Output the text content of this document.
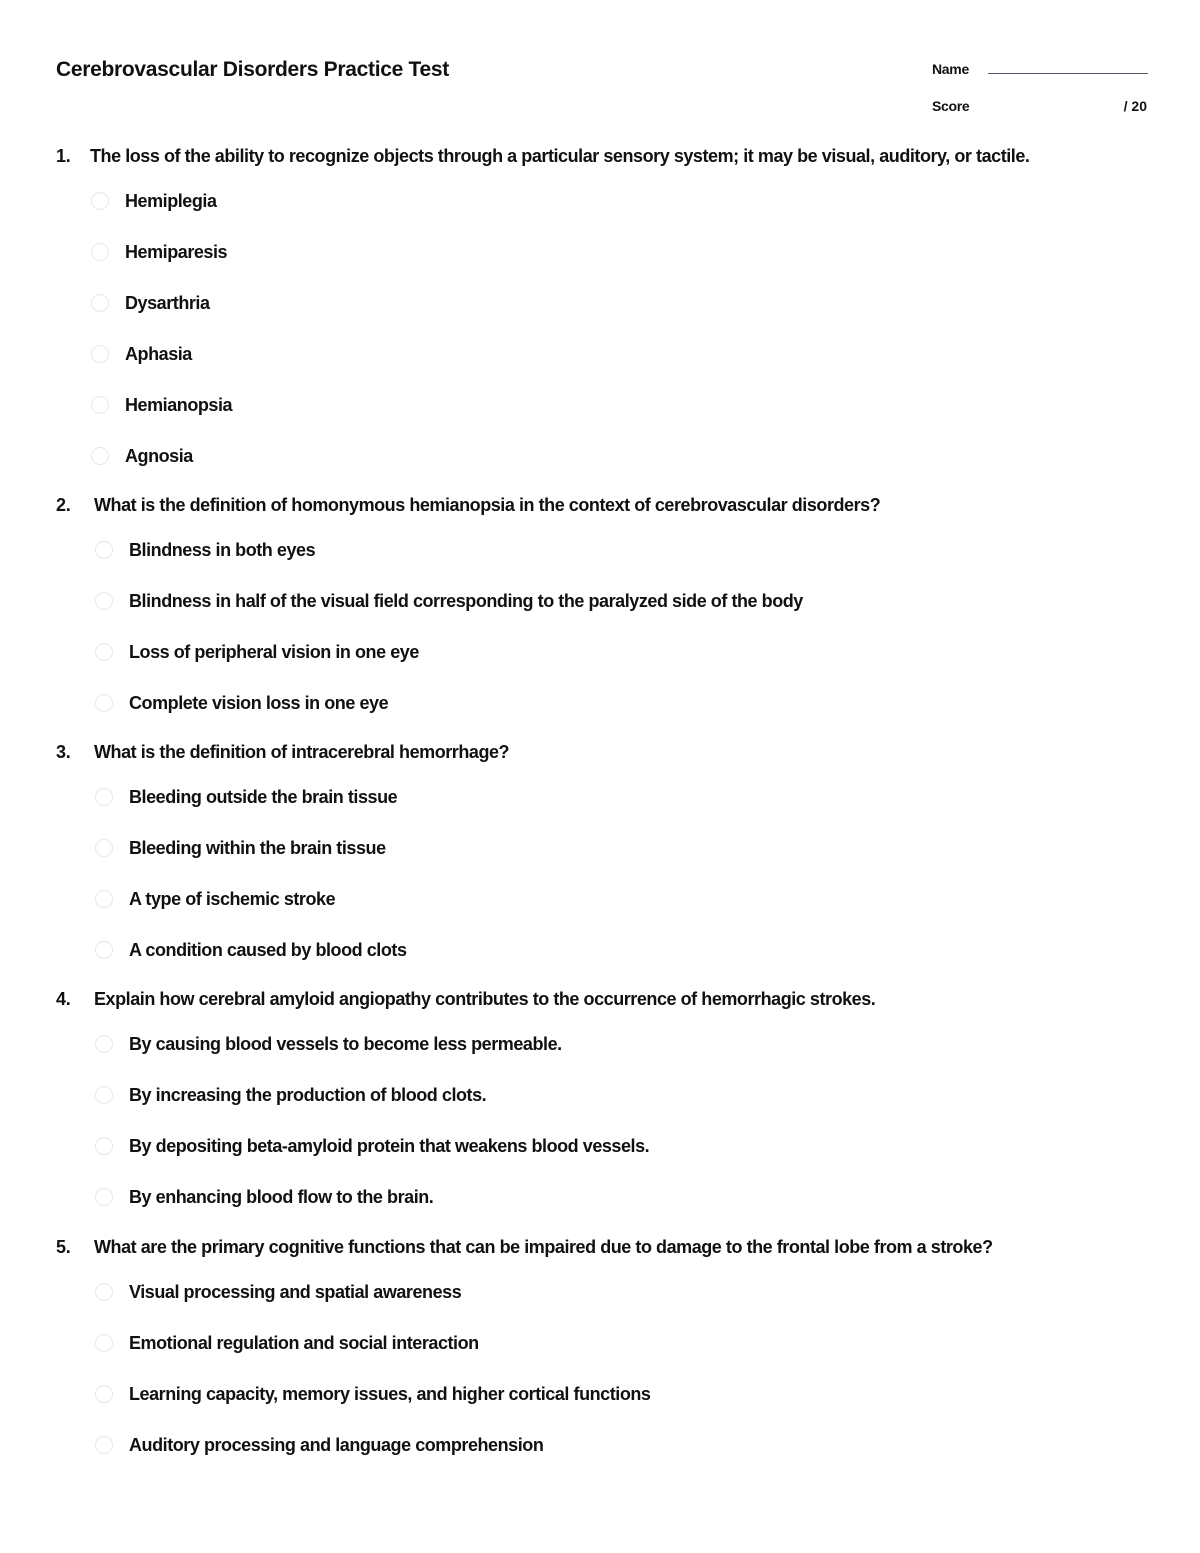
Cerebrovascular Disorders Practice Test	Name
Score	/ 20
1. The loss of the ability to recognize objects through a particular sensory system; it may be visual, auditory, or tactile.
Hemiplegia
Hemiparesis
Dysarthria
Aphasia
Hemianopsia
Agnosia
2. What is the definition of homonymous hemianopsia in the context of cerebrovascular disorders?
Blindness in both eyes
Blindness in half of the visual field corresponding to the paralyzed side of the body
Loss of peripheral vision in one eye
Complete vision loss in one eye
3. What is the definition of intracerebral hemorrhage?
Bleeding outside the brain tissue
Bleeding within the brain tissue
A type of ischemic stroke
A condition caused by blood clots
4. Explain how cerebral amyloid angiopathy contributes to the occurrence of hemorrhagic strokes.
By causing blood vessels to become less permeable.
By increasing the production of blood clots.
By depositing beta-amyloid protein that weakens blood vessels.
By enhancing blood flow to the brain.
5. What are the primary cognitive functions that can be impaired due to damage to the frontal lobe from a stroke?
Visual processing and spatial awareness
Emotional regulation and social interaction
Learning capacity, memory issues, and higher cortical functions
Auditory processing and language comprehension
